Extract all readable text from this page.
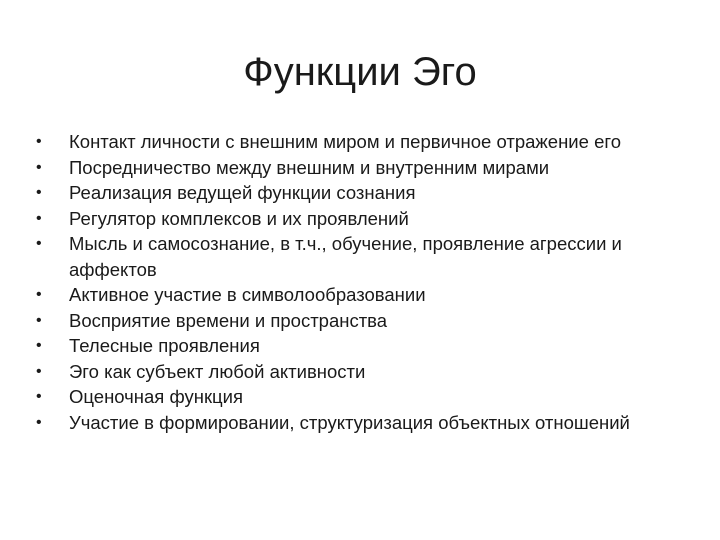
Функции Эго
•	Контакт личности с внешним миром и первичное отражение его
•	Посредничество между внешним и внутренним мирами
•	Реализация ведущей функции сознания
•	Регулятор комплексов и их проявлений
•	Мысль и самосознание, в т.ч., обучение, проявление агрессии и аффектов
•	Активное участие в символообразовании
•	Восприятие времени и пространства
•	Телесные проявления
•	Эго как субъект любой активности
•	Оценочная функция
•	Участие в формировании, структуризация объектных отношений
